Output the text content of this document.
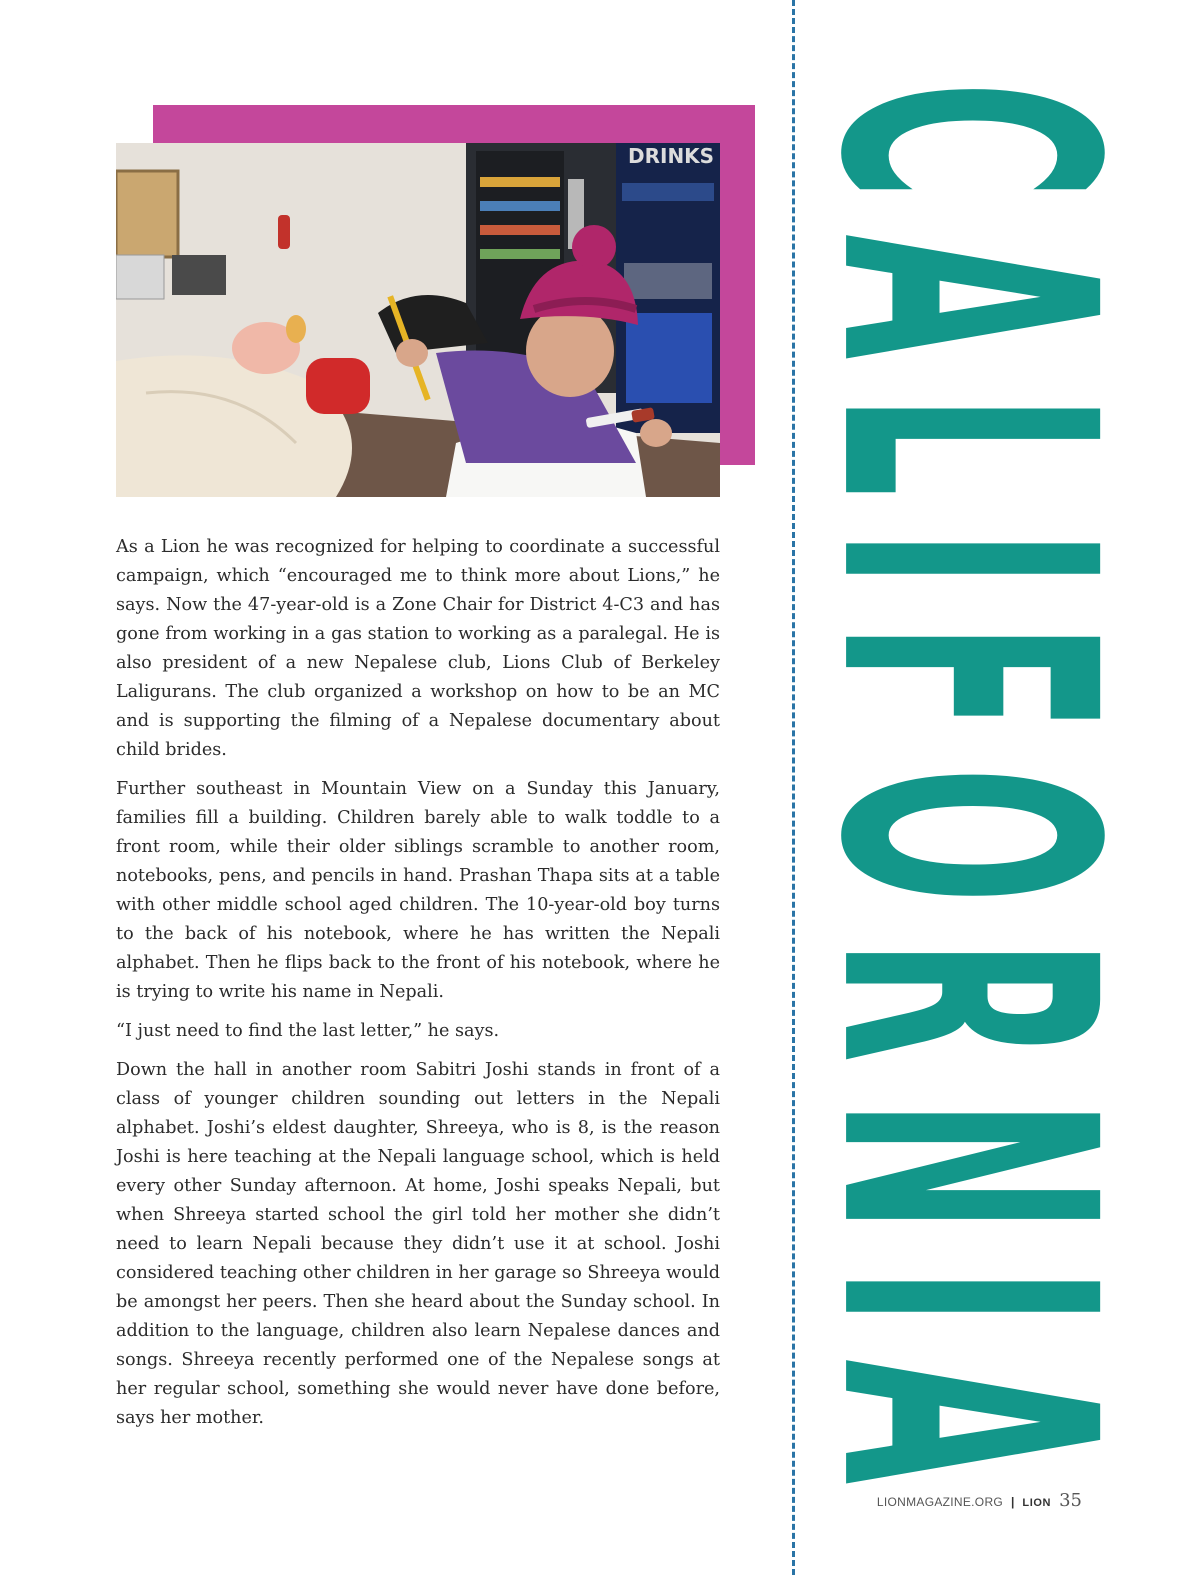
DRINKS

As a Lion he was recognized for helping to coordinate a successful campaign, which “encouraged me to think more about Lions,” he says. Now the 47-year-old is a Zone Chair for District 4-C3 and has gone from working in a gas station to working as a paralegal. He is also president of a new Nepalese club, Lions Club of Berkeley Laligurans. The club organized a workshop on how to be an MC and is supporting the filming of a Nepalese documentary about child brides.

Further southeast in Mountain View on a Sunday this January, families fill a building. Children barely able to walk toddle to a front room, while their older siblings scramble to another room, notebooks, pens, and pencils in hand. Prashan Thapa sits at a table with other middle school aged children. The 10-year-old boy turns to the back of his notebook, where he has written the Nepali alphabet. Then he flips back to the front of his notebook, where he is trying to write his name in Nepali.

“I just need to find the last letter,” he says.

Down the hall in another room Sabitri Joshi stands in front of a class of younger children sounding out letters in the Nepali alphabet. Joshi’s eldest daughter, Shreeya, who is 8, is the reason Joshi is here teaching at the Nepali language school, which is held every other Sunday afternoon. At home, Joshi speaks Nepali, but when Shreeya started school the girl told her mother she didn’t need to learn Nepali because they didn’t use it at school. Joshi considered teaching other children in her garage so Shreeya would be amongst her peers. Then she heard about the Sunday school. In addition to the language, children also learn Nepalese dances and songs. Shreeya recently performed one of the Nepalese songs at her regular school, something she would never have done before, says her mother.

C
A
L
I
F
O
R
N
I
A
LIONMAGAZINE.ORG | LION 35
